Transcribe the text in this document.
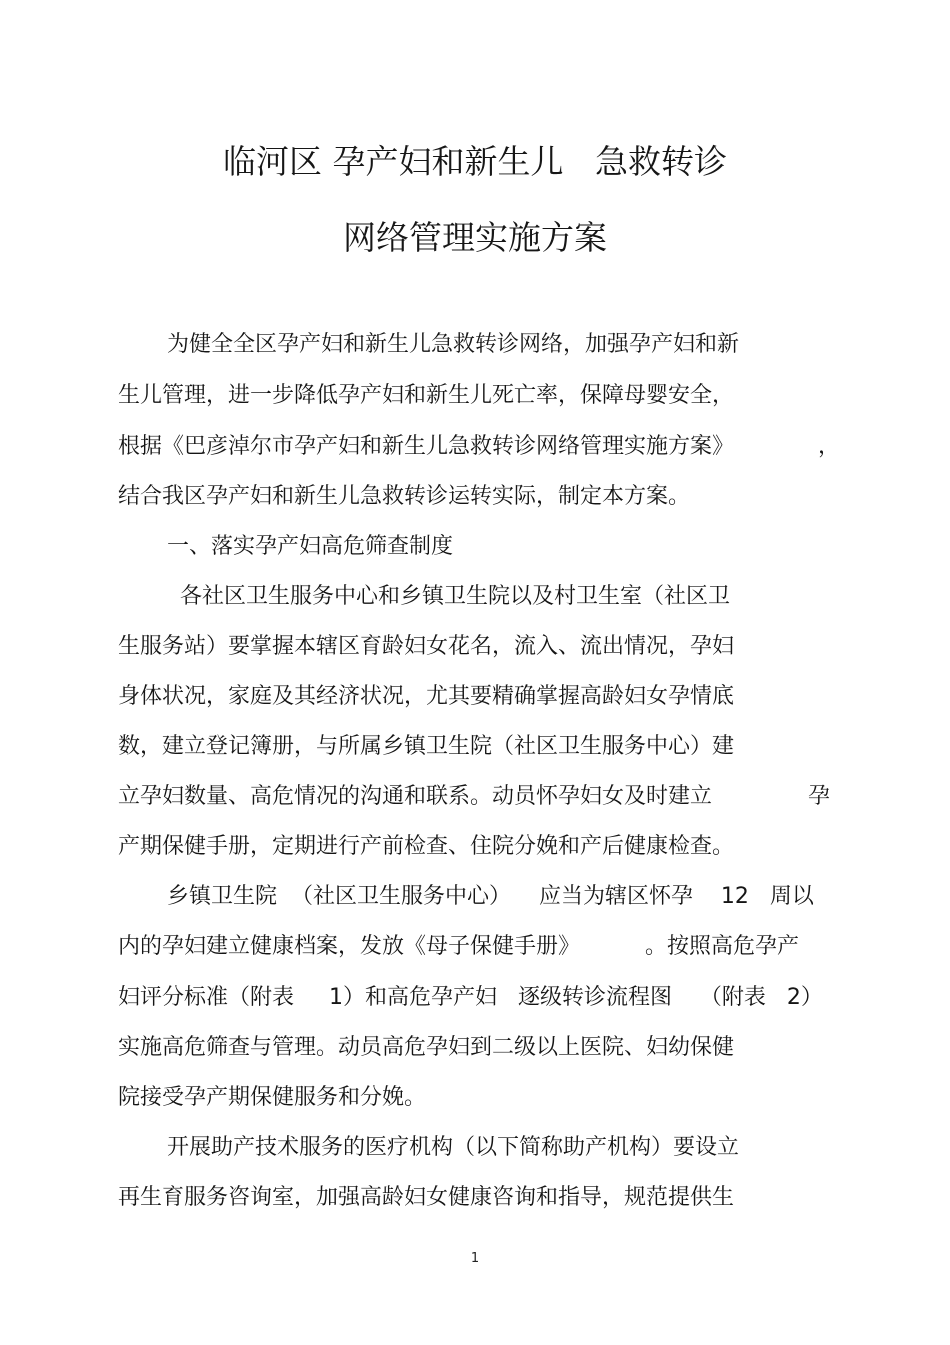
临河区 孕产妇和新生儿   急救转诊
网络管理实施方案
为健全全区孕产妇和新生儿急救转诊网络，加强孕产妇和新
生儿管理，进一步降低孕产妇和新生儿死亡率，保障母婴安全，
根据《巴彦淖尔市孕产妇和新生儿急救转诊网络管理实施方案》	，
结合我区孕产妇和新生儿急救转诊运转实际，制定本方案。
一、落实孕产妇高危筛查制度
各社区卫生服务中心和乡镇卫生院以及村卫生室（社区卫
生服务站）要掌握本辖区育龄妇女花名，流入、流出情况，孕妇
身体状况，家庭及其经济状况，尤其要精确掌握高龄妇女孕情底
数，建立登记簿册，与所属乡镇卫生院（社区卫生服务中心）建
立孕妇数量、高危情况的沟通和联系。动员怀孕妇女及时建立	孕
产期保健手册，定期进行产前检查、住院分娩和产后健康检查。
乡镇卫生院  （社区卫生服务中心）    应当为辖区怀孕    12   周以
内的孕妇建立健康档案，发放《母子保健手册》	。按照高危孕产
妇评分标准（附表     1）和高危孕产妇   逐级转诊流程图    （附表   2）
实施高危筛查与管理。动员高危孕妇到二级以上医院、妇幼保健
院接受孕产期保健服务和分娩。
开展助产技术服务的医疗机构（以下简称助产机构）要设立
再生育服务咨询室，加强高龄妇女健康咨询和指导，规范提供生
1
